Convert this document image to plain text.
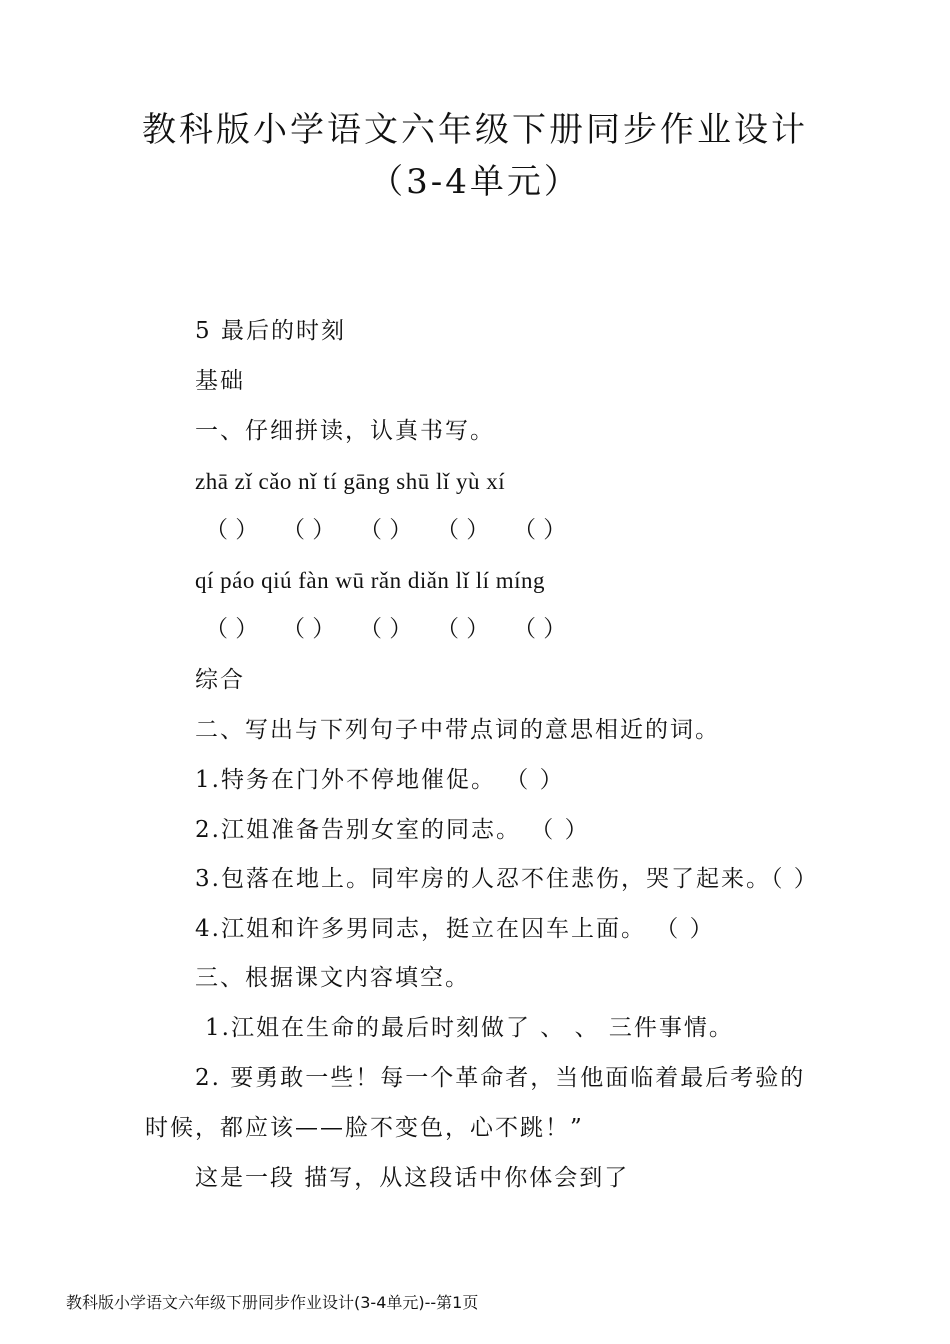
教科版小学语文六年级下册同步作业设计
（3-4单元）
5 最后的时刻
基础
一、仔细拼读，认真书写。
zhā zǐ cǎo nǐ tí gāng shū lǐ yù xí
（ ） （ ） （ ） （ ） （ ）
qí páo qiú fàn wū rǎn diǎn lǐ lí míng
（ ） （ ） （ ） （ ） （ ）
综合
二、写出与下列句子中带点词的意思相近的词。
1.特务在门外不停地催促。 （ ）
2.江姐准备告别女室的同志。 （ ）
3.包落在地上。同牢房的人忍不住悲伤，哭了起来。（ ）
4.江姐和许多男同志，挺立在囚车上面。 （ ）
三、根据课文内容填空。
1.江姐在生命的最后时刻做了 、 、 三件事情。
2. 要勇敢一些！每一个革命者，当他面临着最后考验的
时候，都应该——脸不变色，心不跳！”
这是一段 描写，从这段话中你体会到了
教科版小学语文六年级下册同步作业设计(3-4单元)--第1页
